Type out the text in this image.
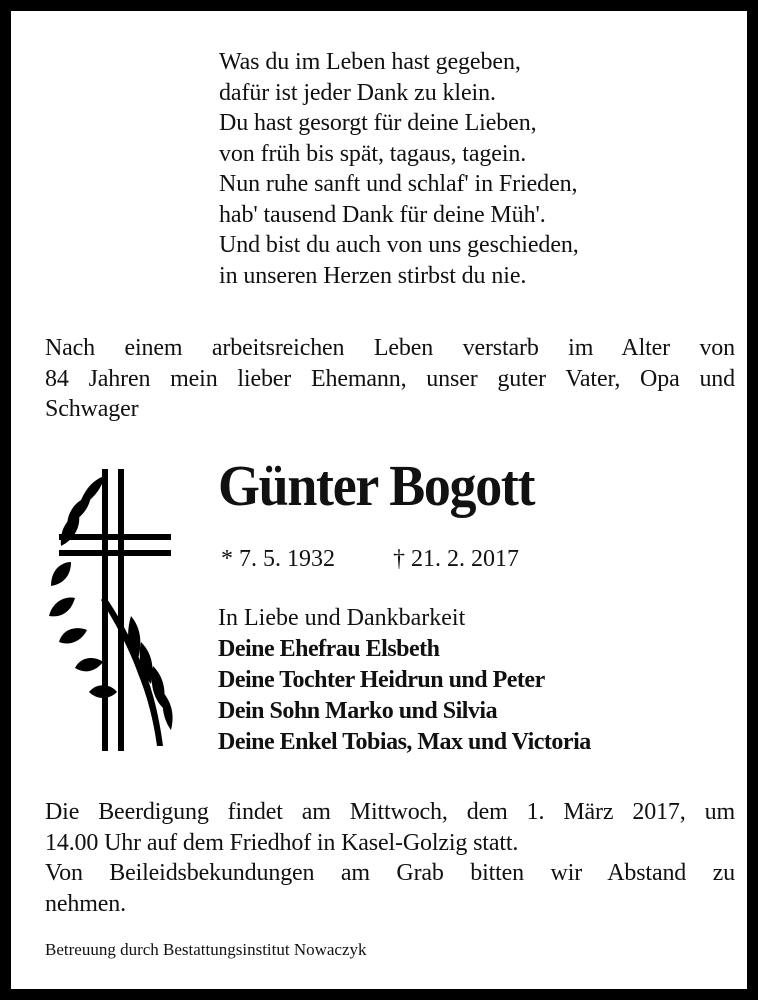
Was du im Leben hast gegeben,
dafür ist jeder Dank zu klein.
Du hast gesorgt für deine Lieben,
von früh bis spät, tagaus, tagein.
Nun ruhe sanft und schlaf' in Frieden,
hab' tausend Dank für deine Müh'.
Und bist du auch von uns geschieden,
in unseren Herzen stirbst du nie.
Nach einem arbeitsreichen Leben verstarb im Alter von
84 Jahren mein lieber Ehemann, unser guter Vater, Opa und
Schwager
Günter Bogott
* 7. 5. 1932 † 21. 2. 2017
In Liebe und Dankbarkeit
Deine Ehefrau Elsbeth
Deine Tochter Heidrun und Peter
Dein Sohn Marko und Silvia
Deine Enkel Tobias, Max und Victoria
Die Beerdigung findet am Mittwoch, dem 1. März 2017, um
14.00 Uhr auf dem Friedhof in Kasel-Golzig statt.
Von Beileidsbekundungen am Grab bitten wir Abstand zu
nehmen.
Betreuung durch Bestattungsinstitut Nowaczyk
